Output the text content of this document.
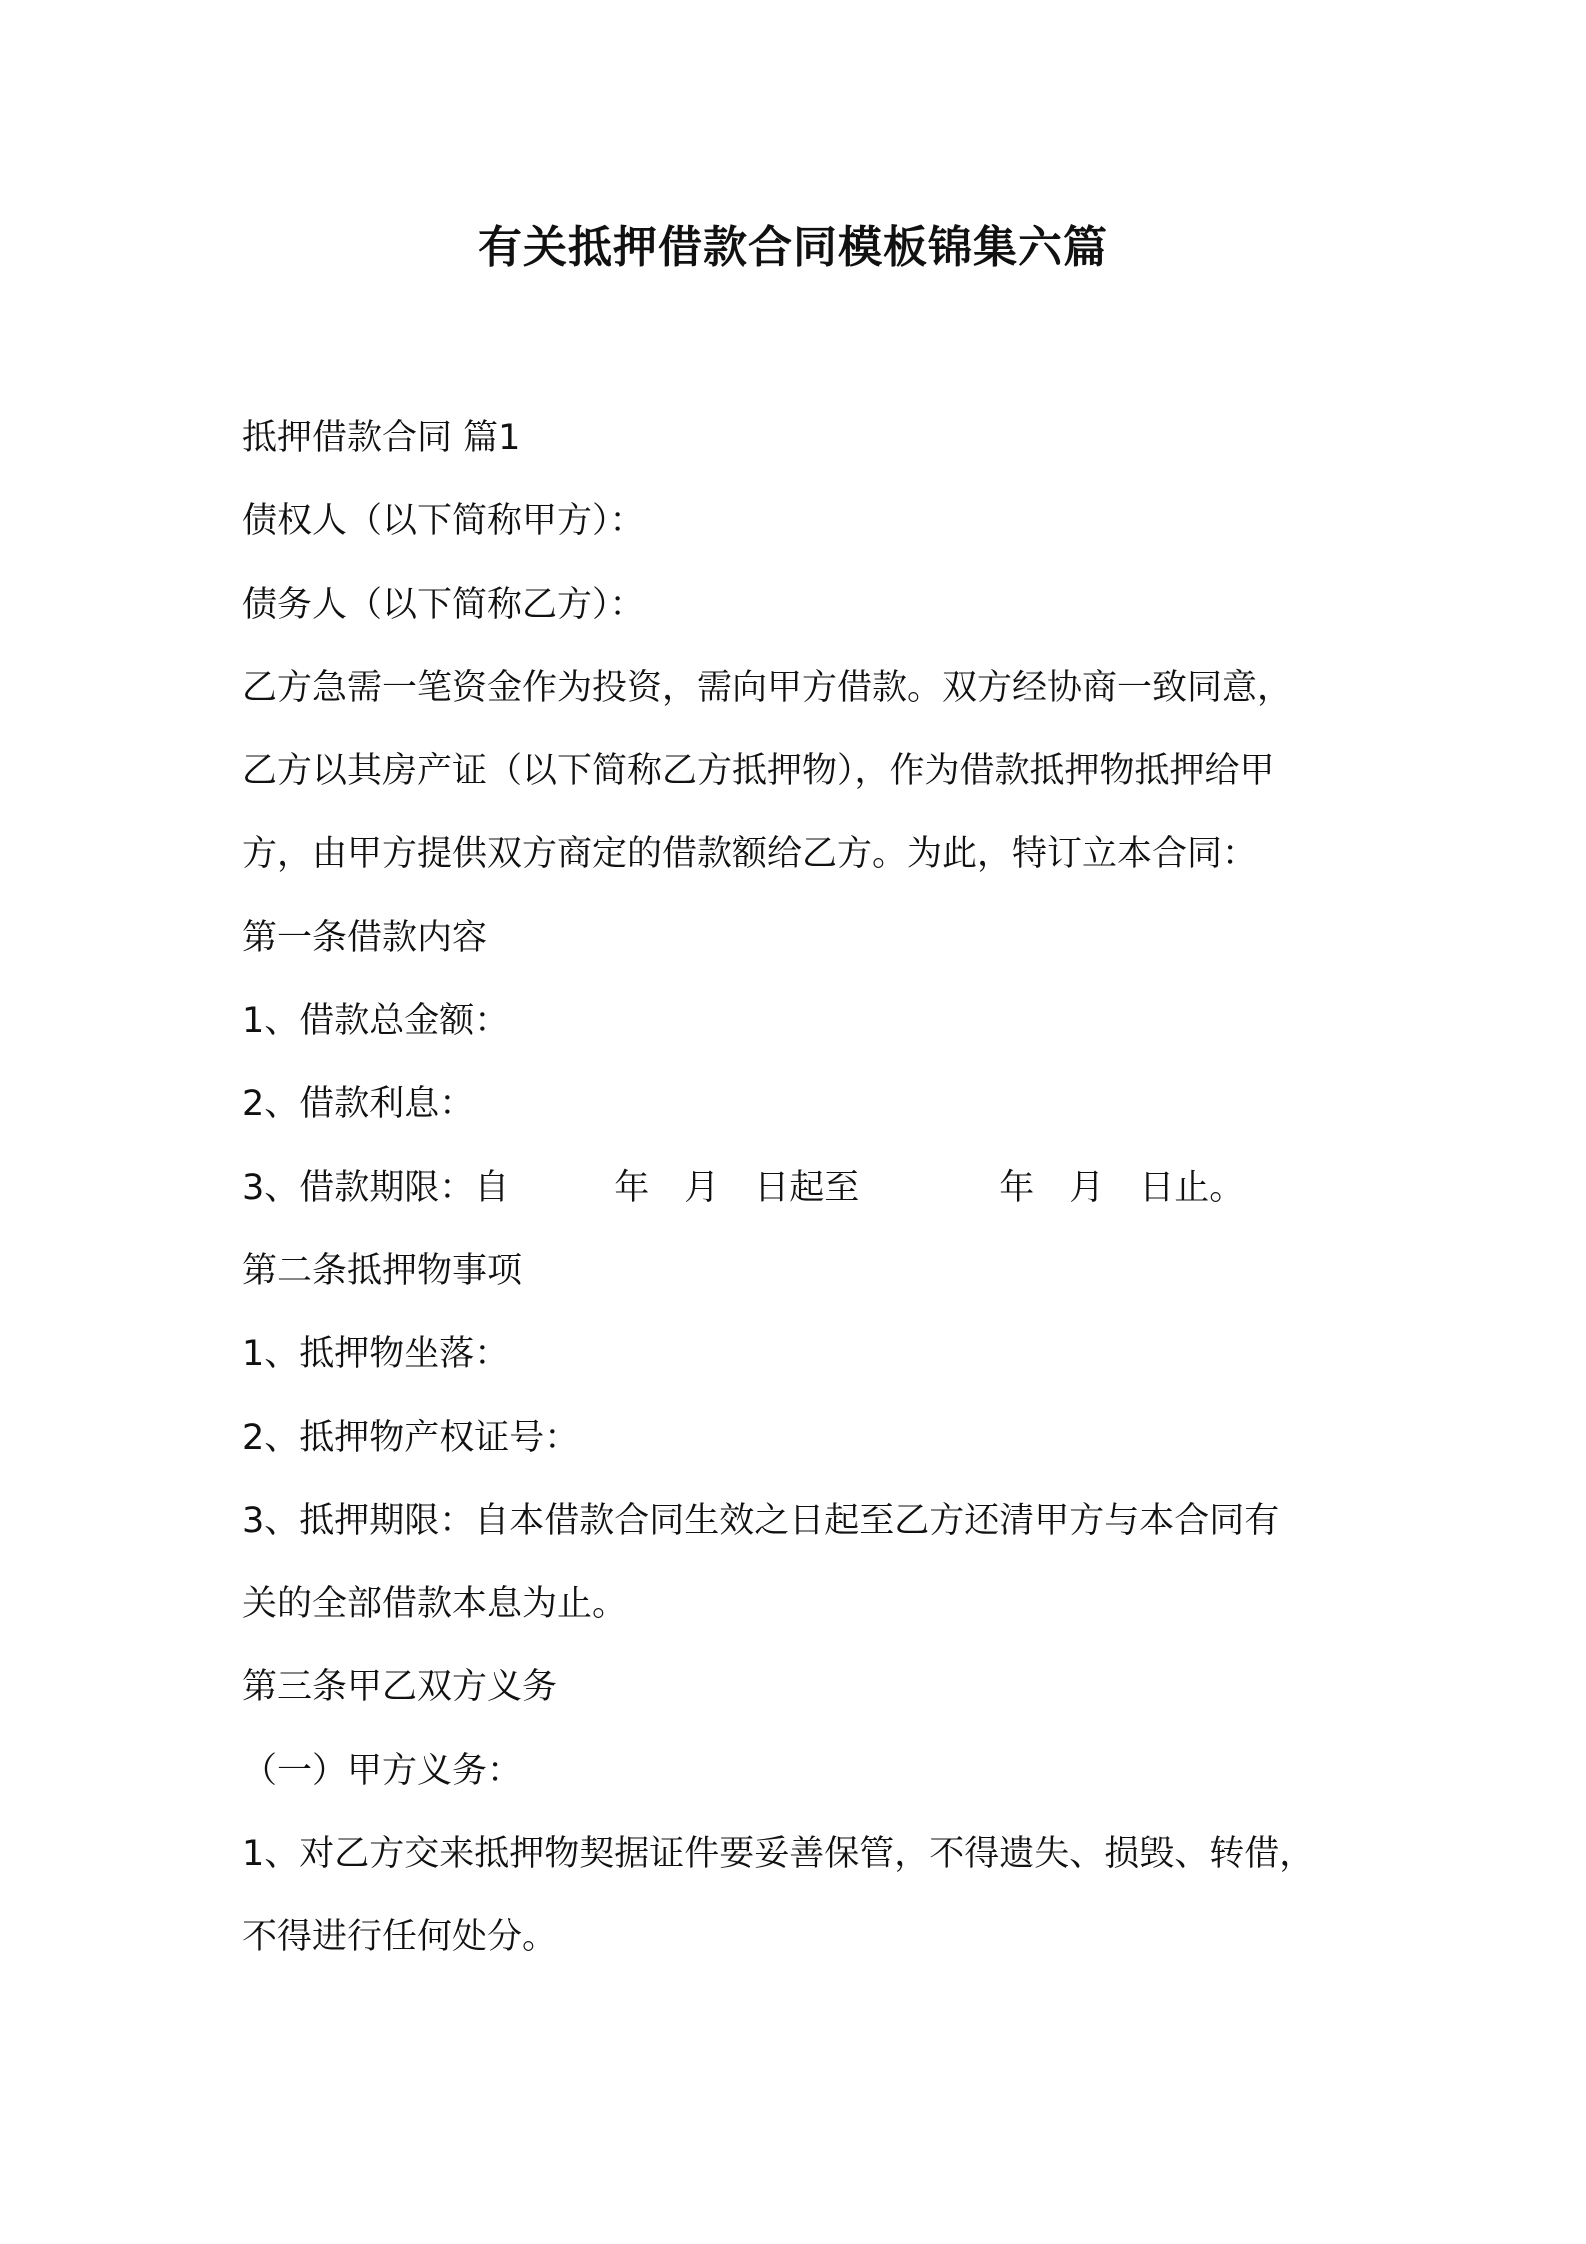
有关抵押借款合同模板锦集六篇
抵押借款合同 篇1
债权人（以下简称甲方）：
债务人（以下简称乙方）：
乙方急需一笔资金作为投资，需向甲方借款。双方经协商一致同意，
乙方以其房产证（以下简称乙方抵押物），作为借款抵押物抵押给甲
方，由甲方提供双方商定的借款额给乙方。为此，特订立本合同：
第一条借款内容
1、借款总金额：
2、借款利息：
3、借款期限：自　　　年　月　日起至　　　　年　月　日止。
第二条抵押物事项
1、抵押物坐落：
2、抵押物产权证号：
3、抵押期限：自本借款合同生效之日起至乙方还清甲方与本合同有
关的全部借款本息为止。
第三条甲乙双方义务
（一）甲方义务：
1、对乙方交来抵押物契据证件要妥善保管，不得遗失、损毁、转借，
不得进行任何处分。
